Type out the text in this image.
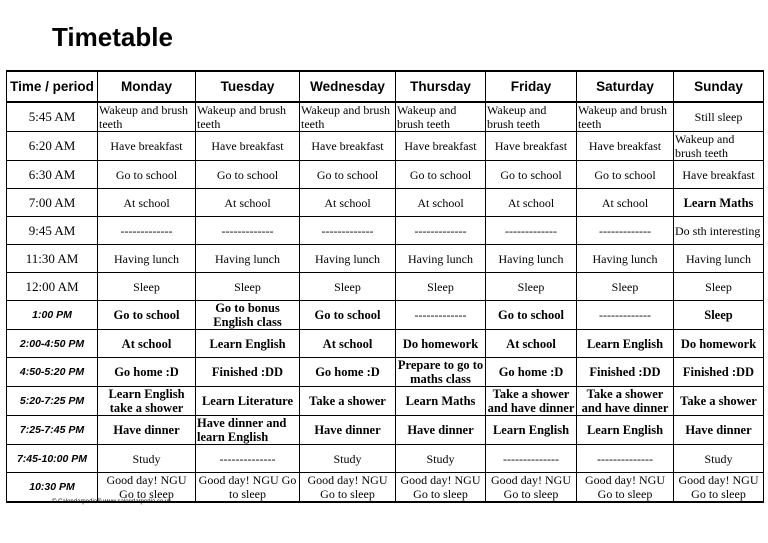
Timetable
Time / period	Monday	Tuesday	Wednesday	Thursday	Friday	Saturday	Sunday
5:45 AM	Wakeup and brush teeth	Wakeup and brush teeth	Wakeup and brush teeth	Wakeup and brush teeth	Wakeup and brush teeth	Wakeup and brush teeth	Still sleep
6:20 AM	Have breakfast	Have breakfast	Have breakfast	Have breakfast	Have breakfast	Have breakfast	Wakeup and brush teeth
6:30 AM	Go to school	Go to school	Go to school	Go to school	Go to school	Go to school	Have breakfast
7:00 AM	At school	At school	At school	At school	At school	At school	Learn Maths
9:45 AM	-------------	-------------	-------------	-------------	-------------	-------------	Do sth interesting
11:30 AM	Having lunch	Having lunch	Having lunch	Having lunch	Having lunch	Having lunch	Having lunch
12:00 AM	Sleep	Sleep	Sleep	Sleep	Sleep	Sleep	Sleep
1:00 PM	Go to school	Go to bonus English class	Go to school	-------------	Go to school	-------------	Sleep
2:00-4:50 PM	At school	Learn English	At school	Do homework	At school	Learn English	Do homework
4:50-5:20 PM	Go home :D	Finished :DD	Go home :D	Prepare to go to maths class	Go home :D	Finished :DD	Finished :DD
5:20-7:25 PM	Learn English take a shower	Learn Literature	Take a shower	Learn Maths	Take a shower and have dinner	Take a shower and have dinner	Take a shower
7:25-7:45 PM	Have dinner	Have dinner and learn English	Have dinner	Have dinner	Learn English	Learn English	Have dinner
7:45-10:00 PM	Study	--------------	Study	Study	--------------	--------------	Study
10:30 PM	Good day! NGU Go to sleep	Good day! NGU Go to sleep	Good day! NGU Go to sleep	Good day! NGU Go to sleep	Good day! NGU Go to sleep	Good day! NGU Go to sleep	Good day! NGU Go to sleep
© Calendarpedia® www.calendarpedia.co.uk
